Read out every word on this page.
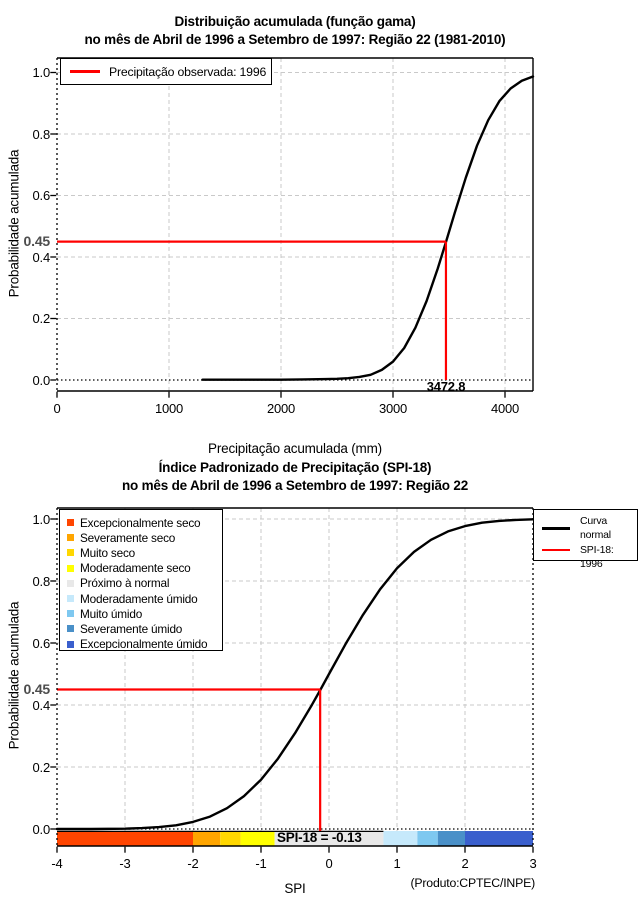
Distribuição acumulada (função gama)
no mês de Abril de 1996 a Setembro de 1997: Região 22 (1981-2010)
Precipitação observada: 1996
Probabilidade acumulada
Precipitação acumulada (mm)
0.45
3472.8
Índice Padronizado de Precipitação (SPI-18)
no mês de Abril de 1996 a Setembro de 1997: Região 22
Excepcionalmente seco
Severamente seco
Muito seco
Moderadamente seco
Próximo à normal
Moderadamente úmido
Muito úmido
Severamente úmido
Excepcionalmente úmido
Curva normal
SPI-18: 1996
Probabilidade acumulada
SPI	(Produto:CPTEC/INPE)
0.45
SPI-18 = -0.13
0	1000	2000	3000	4000
0.0
0.2
0.4
0.6
0.8
1.0
-4	-3	-2	-1	0	1	2	3
0.0
0.2
0.4
0.6
0.8
1.0
